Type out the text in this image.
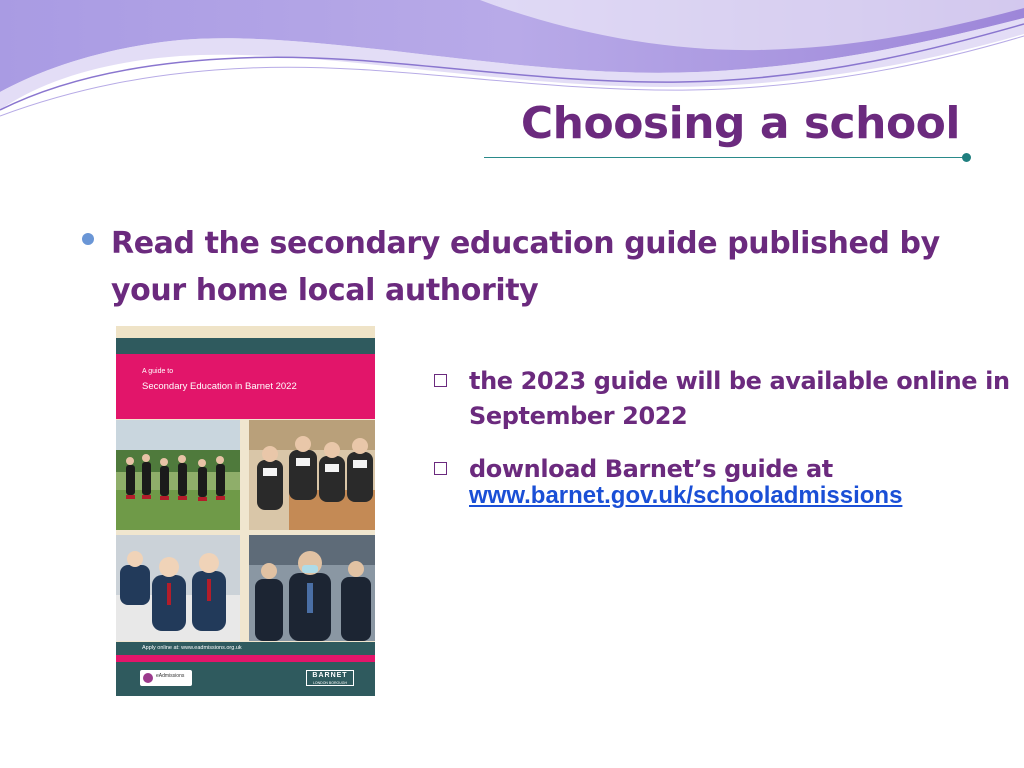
Choosing a school
Read the secondary education guide published by your home local authority
A guide to
Secondary Education in Barnet 2022
Apply online at: www.eadmissions.org.uk
eAdmissions	BARNET
LONDON BOROUGH
the 2023 guide will be available online in September 2022
download Barnet’s guide at
www.barnet.gov.uk/schooladmissions
